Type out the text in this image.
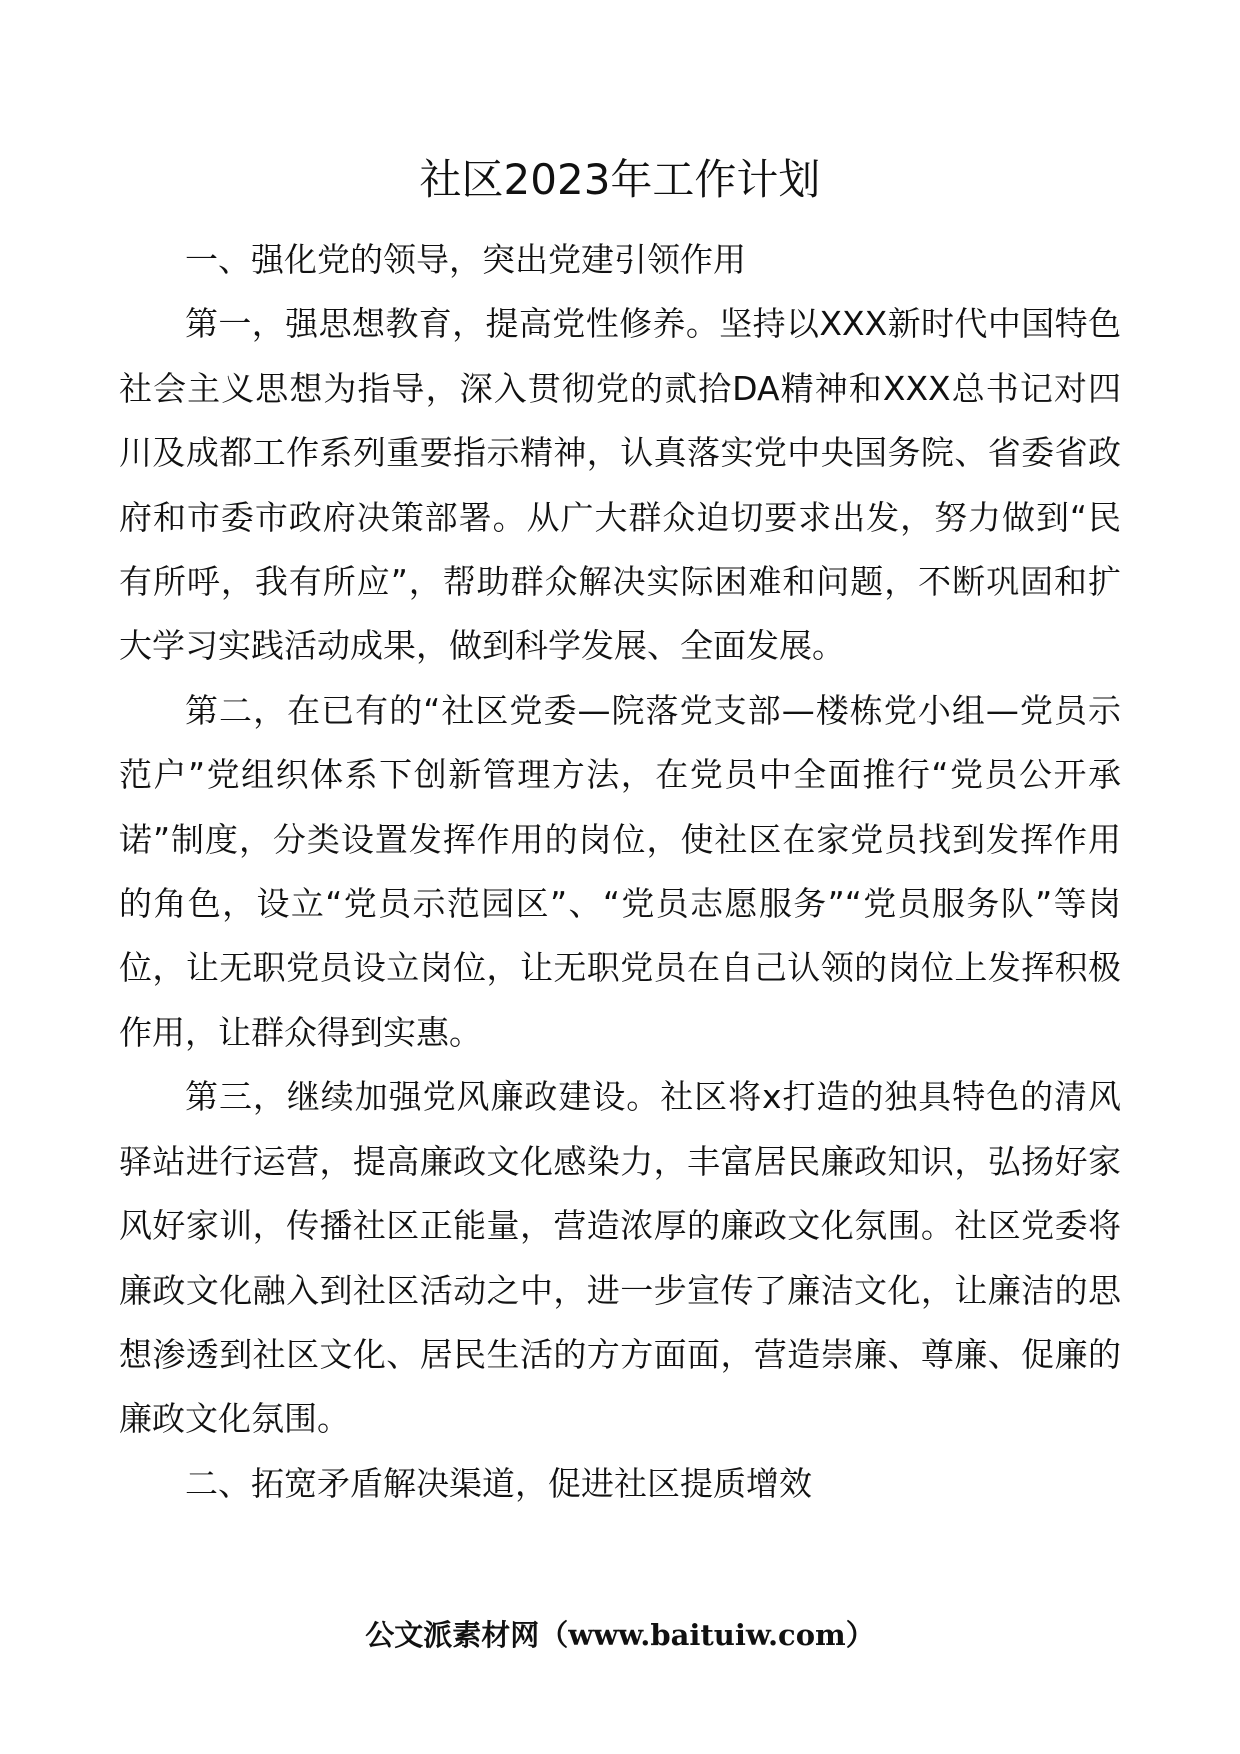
社区2023年工作计划

一、强化党的领导，突出党建引领作用

第一，强思想教育，提高党性修养。坚持以XXX新时代中国特色社会主义思想为指导，深入贯彻党的贰拾DA精神和XXX总书记对四川及成都工作系列重要指示精神，认真落实党中央国务院、省委省政府和市委市政府决策部署。从广大群众迫切要求出发，努力做到“民有所呼，我有所应”，帮助群众解决实际困难和问题，不断巩固和扩大学习实践活动成果，做到科学发展、全面发展。

第二，在已有的“社区党委—院落党支部—楼栋党小组—党员示范户”党组织体系下创新管理方法，在党员中全面推行“党员公开承诺”制度，分类设置发挥作用的岗位，使社区在家党员找到发挥作用的角色，设立“党员示范园区”、“党员志愿服务”“党员服务队”等岗位，让无职党员设立岗位，让无职党员在自己认领的岗位上发挥积极作用，让群众得到实惠。

第三，继续加强党风廉政建设。社区将x打造的独具特色的清风驿站进行运营，提高廉政文化感染力，丰富居民廉政知识，弘扬好家风好家训，传播社区正能量，营造浓厚的廉政文化氛围。社区党委将廉政文化融入到社区活动之中，进一步宣传了廉洁文化，让廉洁的思想渗透到社区文化、居民生活的方方面面，营造崇廉、尊廉、促廉的廉政文化氛围。

二、拓宽矛盾解决渠道，促进社区提质增效

公文派素材网（www.baituiw.com）
